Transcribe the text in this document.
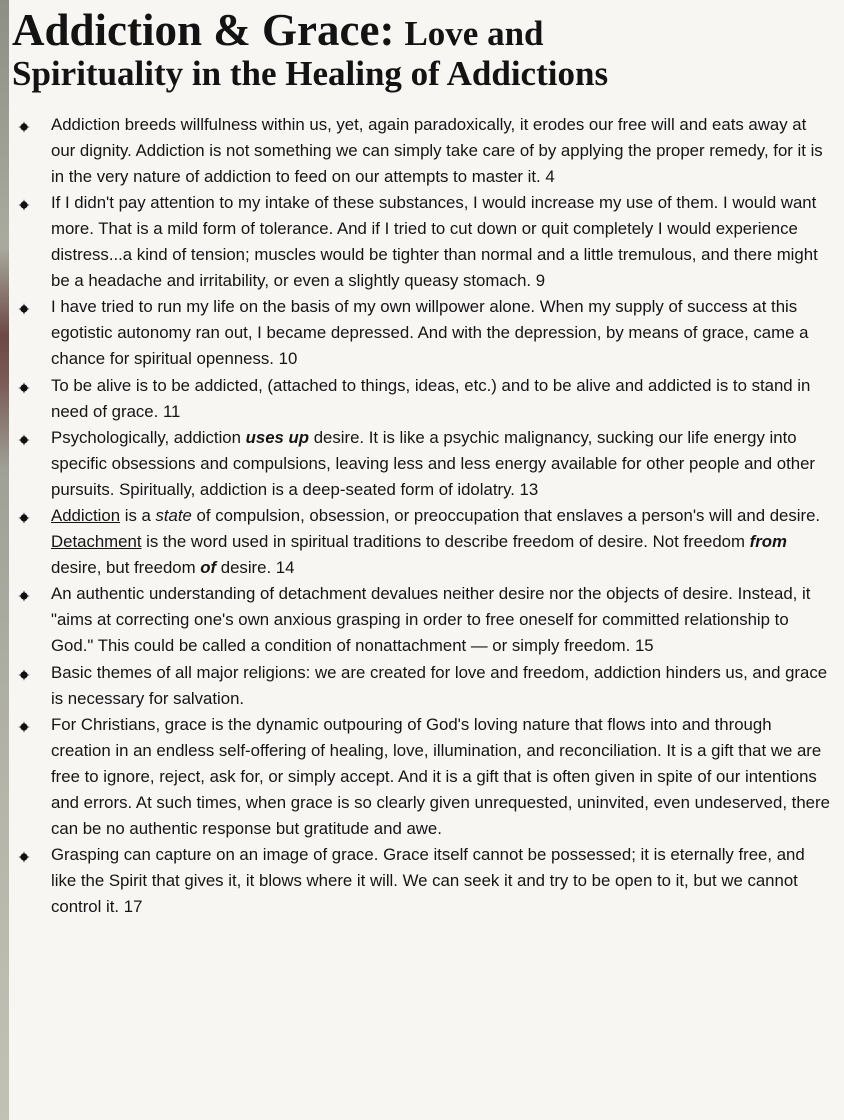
Addiction & Grace: Love and
Spirituality in the Healing of Addictions
Addiction breeds willfulness within us, yet, again paradoxically, it erodes our free will and eats away at our dignity. Addiction is not something we can simply take care of by applying the proper remedy, for it is in the very nature of addiction to feed on our attempts to master it. 4
If I didn't pay attention to my intake of these substances, I would increase my use of them. I would want more. That is a mild form of tolerance. And if I tried to cut down or quit completely I would experience distress...a kind of tension; muscles would be tighter than normal and a little tremulous, and there might be a headache and irritability, or even a slightly queasy stomach. 9
I have tried to run my life on the basis of my own willpower alone. When my supply of success at this egotistic autonomy ran out, I became depressed. And with the depression, by means of grace, came a chance for spiritual openness. 10
To be alive is to be addicted, (attached to things, ideas, etc.) and to be alive and addicted is to stand in need of grace. 11
Psychologically, addiction uses up desire. It is like a psychic malignancy, sucking our life energy into specific obsessions and compulsions, leaving less and less energy available for other people and other pursuits. Spiritually, addiction is a deep-seated form of idolatry. 13
Addiction is a state of compulsion, obsession, or preoccupation that enslaves a person's will and desire. Detachment is the word used in spiritual traditions to describe freedom of desire. Not freedom from desire, but freedom of desire. 14
An authentic understanding of detachment devalues neither desire nor the objects of desire. Instead, it "aims at correcting one's own anxious grasping in order to free oneself for committed relationship to God." This could be called a condition of nonattachment — or simply freedom. 15
Basic themes of all major religions: we are created for love and freedom, addiction hinders us, and grace is necessary for salvation.
For Christians, grace is the dynamic outpouring of God's loving nature that flows into and through creation in an endless self-offering of healing, love, illumination, and reconciliation. It is a gift that we are free to ignore, reject, ask for, or simply accept. And it is a gift that is often given in spite of our intentions and errors. At such times, when grace is so clearly given unrequested, uninvited, even undeserved, there can be no authentic response but gratitude and awe.
Grasping can capture on an image of grace. Grace itself cannot be possessed; it is eternally free, and like the Spirit that gives it, it blows where it will. We can seek it and try to be open to it, but we cannot control it. 17
